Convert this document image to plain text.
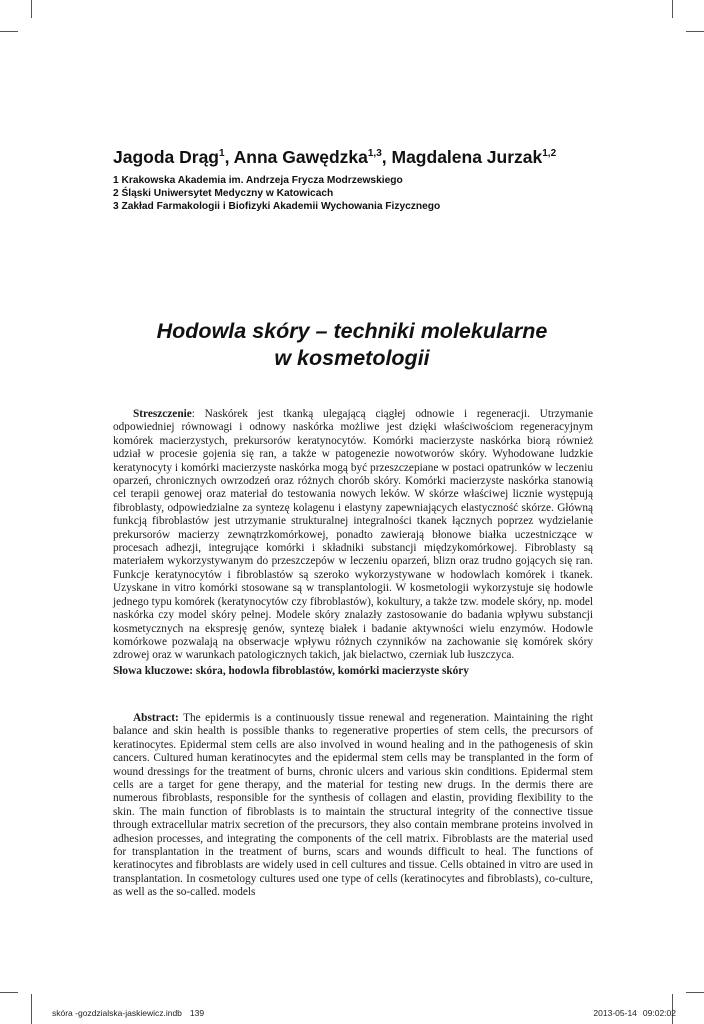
Jagoda Drąg$^1$, Anna Gawędzka$^{1,3}$, Magdalena Jurzak$^{1,2}$
1 Krakowska Akademia im. Andrzeja Frycza Modrzewskiego
2 Śląski Uniwersytet Medyczny w Katowicach
3 Zakład Farmakologii i Biofizyki Akademii Wychowania Fizycznego
Hodowla skóry – techniki molekularne
w kosmetologii

Streszczenie: Naskórek jest tkanką ulegającą ciągłej odnowie i regeneracji. Utrzymanie odpowiedniej równowagi i odnowy naskórka możliwe jest dzięki właściwościom regeneracyjnym komórek macierzystych, prekursorów keratynocytów. Komórki macierzyste naskórka biorą również udział w procesie gojenia się ran, a także w patogenezie nowotworów skóry. Wyhodowane ludzkie keratynocyty i komórki macierzyste naskórka mogą być przeszczepiane w postaci opatrunków w leczeniu oparzeń, chronicznych owrzodzeń oraz różnych chorób skóry. Komórki macierzyste naskórka stanowią cel terapii genowej oraz materiał do testowania nowych leków. W skórze właściwej licznie występują fibroblasty, odpowiedzialne za syntezę kolagenu i elastyny zapewniających elastyczność skórze. Główną funkcją fibroblastów jest utrzymanie strukturalnej integralności tkanek łącznych poprzez wydzielanie prekursorów macierzy zewnątrzkomórkowej, ponadto zawierają błonowe białka uczestniczące w procesach adhezji, integrujące komórki i składniki substancji międzykomórkowej. Fibroblasty są materiałem wykorzystywanym do przeszczepów w leczeniu oparzeń, blizn oraz trudno gojących się ran. Funkcje keratynocytów i fibroblastów są szeroko wykorzystywane w hodowlach komórek i tkanek. Uzyskane in vitro komórki stosowane są w transplantologii. W kosmetologii wykorzystuje się hodowle jednego typu komórek (keratynocytów czy fibroblastów), kokultury, a także tzw. modele skóry, np. model naskórka czy model skóry pełnej. Modele skóry znalazły zastosowanie do badania wpływu substancji kosmetycznych na ekspresję genów, syntezę białek i badanie aktywności wielu enzymów. Hodowle komórkowe pozwalają na obserwacje wpływu różnych czynników na zachowanie się komórek skóry zdrowej oraz w warunkach patologicznych takich, jak bielactwo, czerniak lub łuszczyca.

Słowa kluczowe: skóra, hodowla fibroblastów, komórki macierzyste skóry

Abstract: The epidermis is a continuously tissue renewal and regeneration. Maintaining the right balance and skin health is possible thanks to regenerative properties of stem cells, the precursors of keratinocytes. Epidermal stem cells are also involved in wound healing and in the pathogenesis of skin cancers. Cultured human keratinocytes and the epidermal stem cells may be transplanted in the form of wound dressings for the treatment of burns, chronic ulcers and various skin conditions. Epidermal stem cells are a target for gene therapy, and the material for testing new drugs. In the dermis there are numerous fibroblasts, responsible for the synthesis of collagen and elastin, providing flexibility to the skin. The main function of fibroblasts is to maintain the structural integrity of the connective tissue through extracellular matrix secretion of the precursors, they also contain membrane proteins involved in adhesion processes, and integrating the components of the cell matrix. Fibroblasts are the material used for transplantation in the treatment of burns, scars and wounds difficult to heal. The functions of keratinocytes and fibroblasts are widely used in cell cultures and tissue. Cells obtained in vitro are used in transplantation. In cosmetology cultures used one type of cells (keratinocytes and fibroblasts), co-culture, as well as the so-called. models

skóra -gozdzialska-jaskiewicz.indb 139	2013-05-14 09:02:02
